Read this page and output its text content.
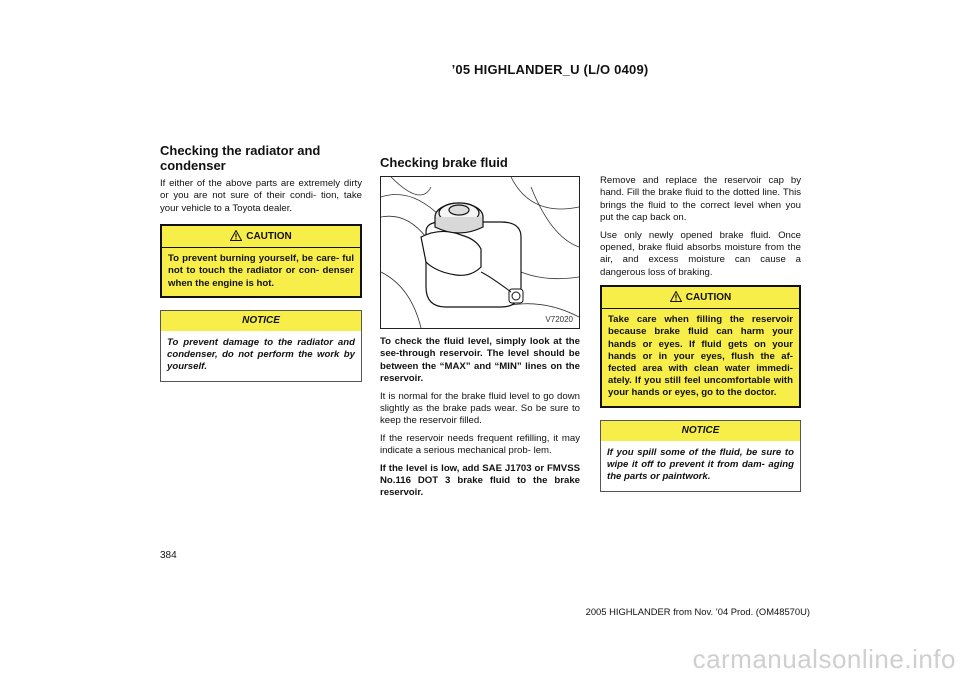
’05 HIGHLANDER_U (L/O 0409)
Checking the radiator and
condenser

If either of the above parts are extremely dirty or you are not sure of their condi- tion, take your vehicle to a Toyota dealer.

CAUTION
To prevent burning yourself, be care- ful not to touch the radiator or con- denser when the engine is hot.
NOTICE
To prevent damage to the radiator and condenser, do not perform the work by yourself.
Checking brake fluid
V72020

To check the fluid level, simply look at the see-through reservoir. The level should be between the “MAX” and “MIN” lines on the reservoir.

It is normal for the brake fluid level to go down slightly as the brake pads wear. So be sure to keep the reservoir filled.

If the reservoir needs frequent refilling, it may indicate a serious mechanical prob- lem.

If the level is low, add SAE J1703 or FMVSS No.116 DOT 3 brake fluid to the brake reservoir.

Remove and replace the reservoir cap by hand. Fill the brake fluid to the dotted line. This brings the fluid to the correct level when you put the cap back on.

Use only newly opened brake fluid. Once opened, brake fluid absorbs moisture from the air, and excess moisture can cause a dangerous loss of braking.

CAUTION
Take care when filling the reservoir because brake fluid can harm your hands or eyes. If fluid gets on your hands or in your eyes, flush the af- fected area with clean water immedi- ately. If you still feel uncomfortable with your hands or eyes, go to the doctor.
NOTICE
If you spill some of the fluid, be sure to wipe it off to prevent it from dam- aging the parts or paintwork.
384
2005 HIGHLANDER from Nov. ’04 Prod. (OM48570U)
carmanualsonline.info
